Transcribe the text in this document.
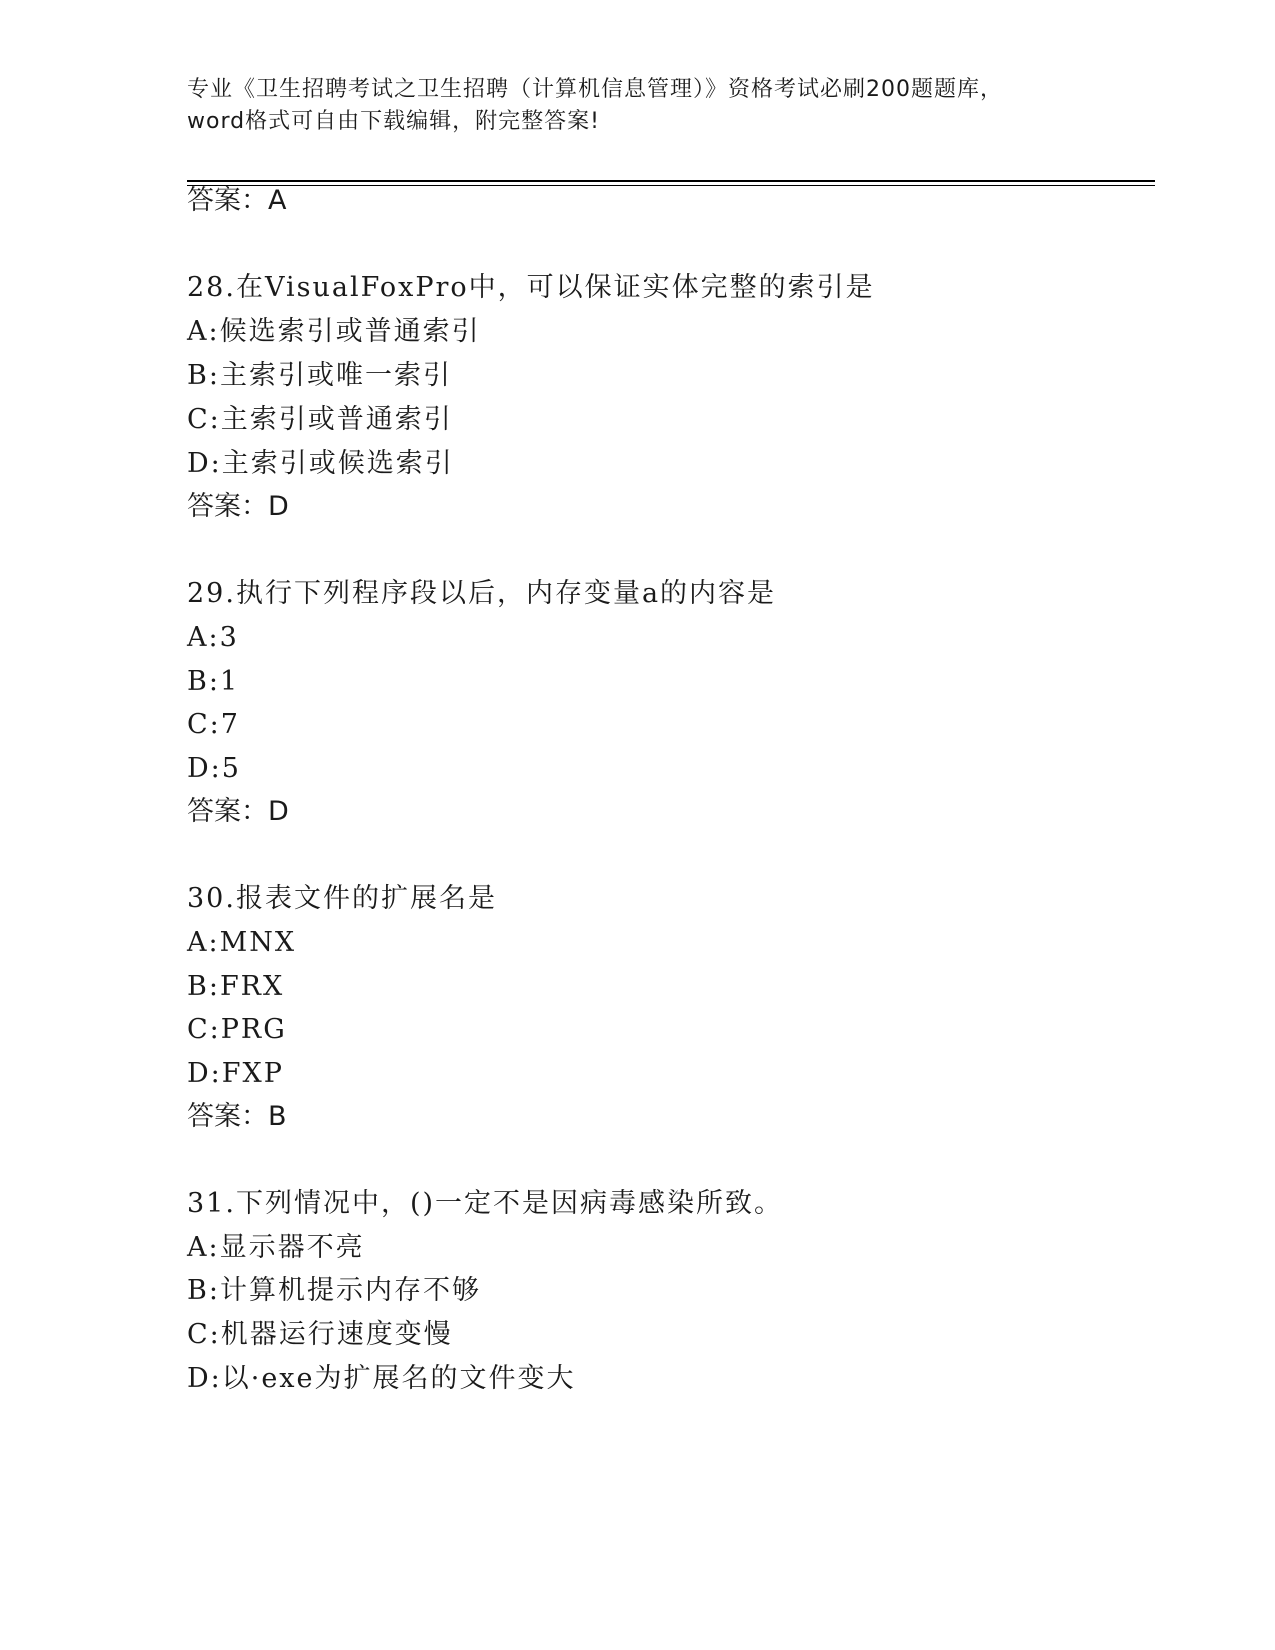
专业《卫生招聘考试之卫生招聘（计算机信息管理）》资格考试必刷200题题库，
word格式可自由下载编辑，附完整答案!
答案：A
28.在VisualFoxPro中，可以保证实体完整的索引是
A:候选索引或普通索引
B:主索引或唯一索引
C:主索引或普通索引
D:主索引或候选索引
答案：D
29.执行下列程序段以后，内存变量a的内容是
A:3
B:1
C:7
D:5
答案：D
30.报表文件的扩展名是
A:MNX
B:FRX
C:PRG
D:FXP
答案：B
31.下列情况中，()一定不是因病毒感染所致。
A:显示器不亮
B:计算机提示内存不够
C:机器运行速度变慢
D:以·exe为扩展名的文件变大
